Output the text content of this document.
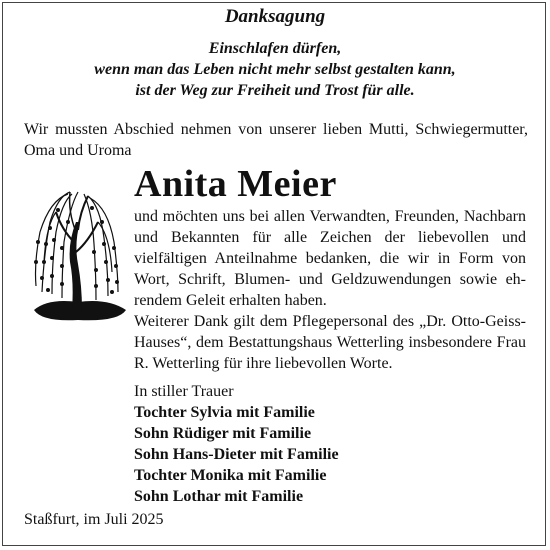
Danksagung
Einschlafen dürfen,
wenn man das Leben nicht mehr selbst gestalten kann,
ist der Weg zur Freiheit und Trost für alle.
Wir mussten Abschied nehmen von unserer lieben Mutti, Schwiegermutter, Oma und Uroma
Anita Meier
und möchten uns bei allen Verwandten, Freunden, Nachbarn und Bekannten für alle Zeichen der liebevollen und vielfältigen Anteilnahme bedanken, die wir in Form von Wort, Schrift, Blumen- und Geldzuwendungen sowie ehrendem Geleit erhalten haben.
Weiterer Dank gilt dem Pflegepersonal des „Dr. Otto-Geiss-Hauses“, dem Bestattungshaus Wetterling insbesondere Frau R. Wetterling für ihre liebevollen Worte.
In stiller Trauer
Tochter Sylvia mit Familie
Sohn Rüdiger mit Familie
Sohn Hans-Dieter mit Familie
Tochter Monika mit Familie
Sohn Lothar mit Familie
Staßfurt, im Juli 2025
